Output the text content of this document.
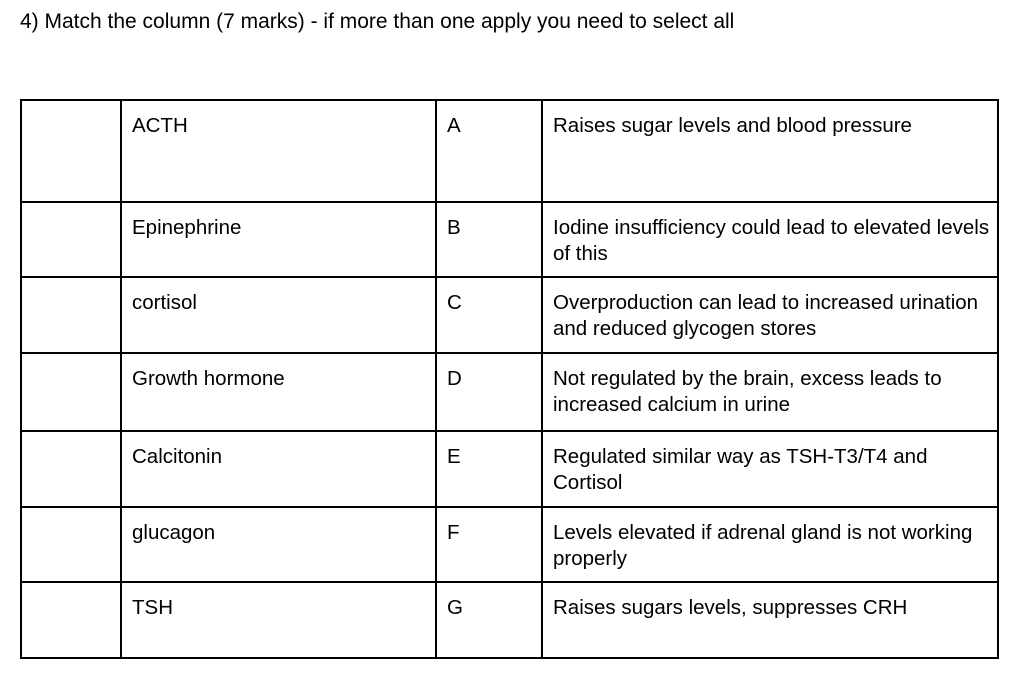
4) Match the column (7 marks) - if more than one apply you need to select all
	ACTH	A	Raises sugar levels and blood pressure
	Epinephrine	B	Iodine insufficiency could lead to elevated levels of this
	cortisol	C	Overproduction can lead to increased urination and reduced glycogen stores
	Growth hormone	D	Not regulated by the brain, excess leads to increased calcium in urine
	Calcitonin	E	Regulated similar way as TSH-T3/T4 and Cortisol
	glucagon	F	Levels elevated if adrenal gland is not working properly
	TSH	G	Raises sugars levels, suppresses CRH
